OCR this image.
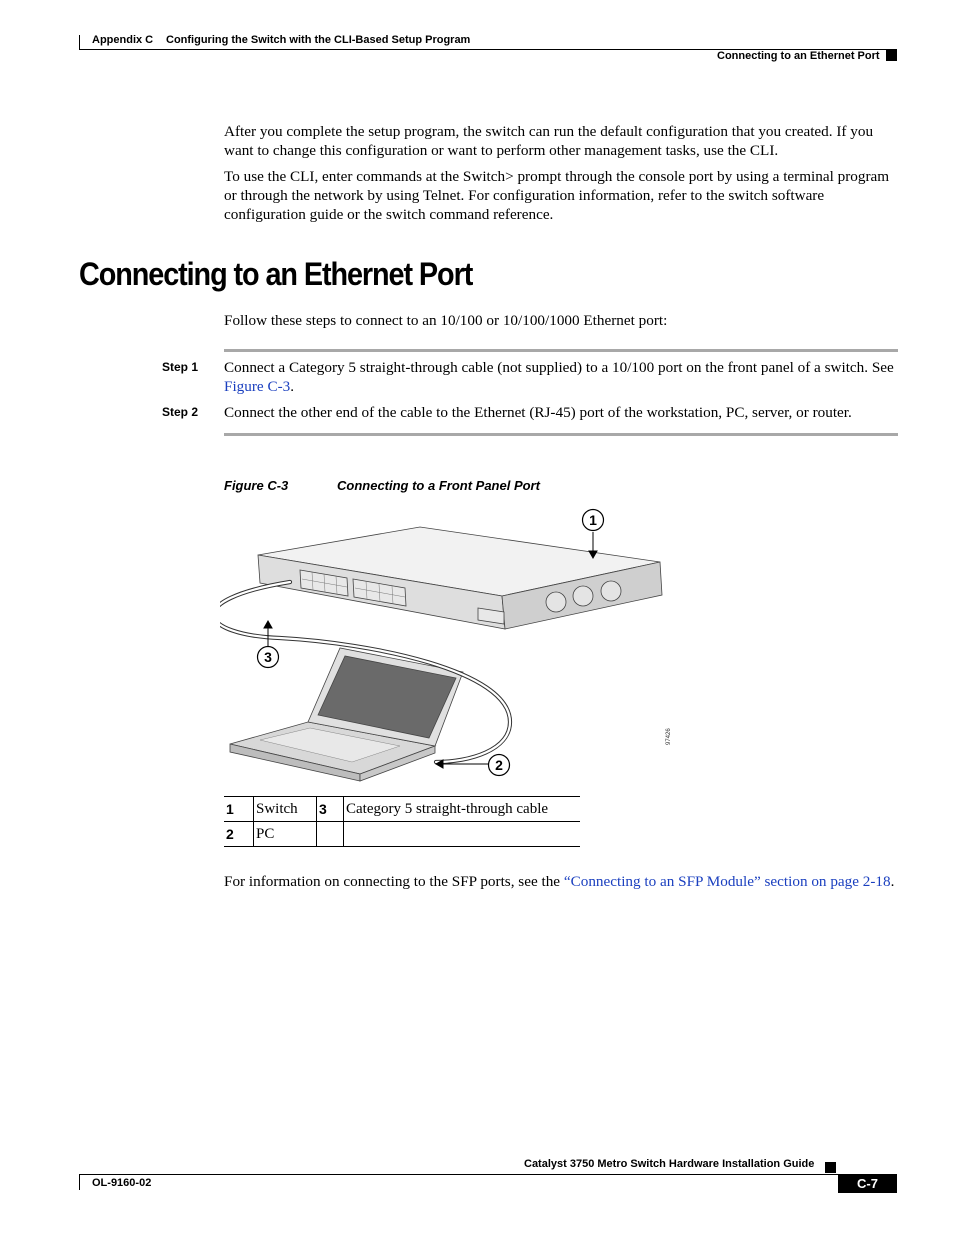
Appendix C Configuring the Switch with the CLI-Based Setup Program
Connecting to an Ethernet Port
After you complete the setup program, the switch can run the default configuration that you created. If you want to change this configuration or want to perform other management tasks, use the CLI.
To use the CLI, enter commands at the Switch> prompt through the console port by using a terminal program or through the network by using Telnet. For configuration information, refer to the switch software configuration guide or the switch command reference.
Connecting to an Ethernet Port
Follow these steps to connect to an 10/100 or 10/100/1000 Ethernet port:
Step 1 Connect a Category 5 straight-through cable (not supplied) to a 10/100 port on the front panel of a switch. See Figure C-3.
Step 2 Connect the other end of the cable to the Ethernet (RJ-45) port of the workstation, PC, server, or router.
Figure C-3	Connecting to a Front Panel Port
1
3
2
97426
1	Switch	3	Category 5 straight-through cable
2	PC		
For information on connecting to the SFP ports, see the “Connecting to an SFP Module” section on page 2-18.
Catalyst 3750 Metro Switch Hardware Installation Guide
OL-9160-02	C-7
